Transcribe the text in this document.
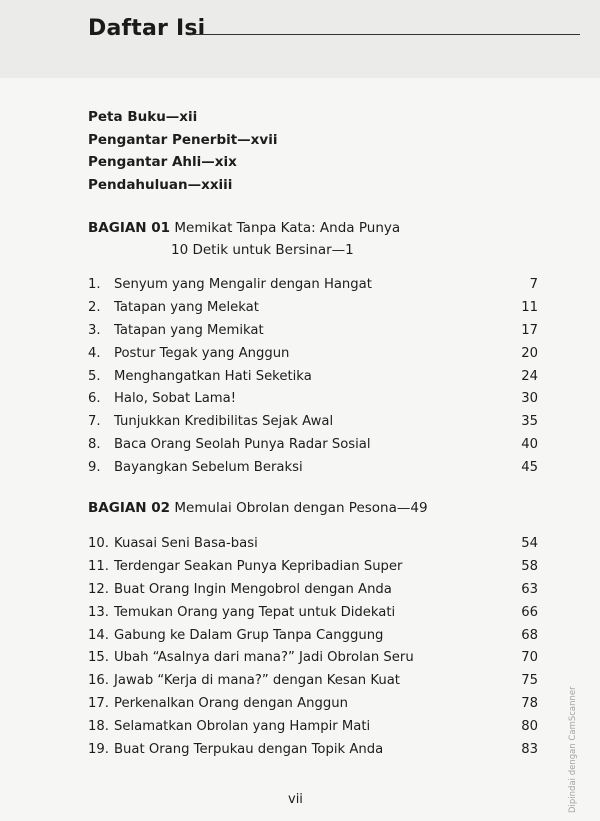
Daftar Isi
Peta Buku—xii
Pengantar Penerbit—xvii
Pengantar Ahli—xix
Pendahuluan—xxiii
BAGIAN 01 Memikat Tanpa Kata: Anda Punya
10 Detik untuk Bersinar—1
1.	Senyum yang Mengalir dengan Hangat	7
2.	Tatapan yang Melekat	11
3.	Tatapan yang Memikat	17
4.	Postur Tegak yang Anggun	20
5.	Menghangatkan Hati Seketika	24
6.	Halo, Sobat Lama!	30
7.	Tunjukkan Kredibilitas Sejak Awal	35
8.	Baca Orang Seolah Punya Radar Sosial	40
9.	Bayangkan Sebelum Beraksi	45
BAGIAN 02 Memulai Obrolan dengan Pesona—49
10. Kuasai Seni Basa-basi	54
11. Terdengar Seakan Punya Kepribadian Super	58
12. Buat Orang Ingin Mengobrol dengan Anda	63
13. Temukan Orang yang Tepat untuk Didekati	66
14. Gabung ke Dalam Grup Tanpa Canggung	68
15. Ubah “Asalnya dari mana?” Jadi Obrolan Seru	70
16. Jawab “Kerja di mana?” dengan Kesan Kuat	75
17. Perkenalkan Orang dengan Anggun	78
18. Selamatkan Obrolan yang Hampir Mati	80
19. Buat Orang Terpukau dengan Topik Anda	83
vii	Dipindai dengan CamScanner
